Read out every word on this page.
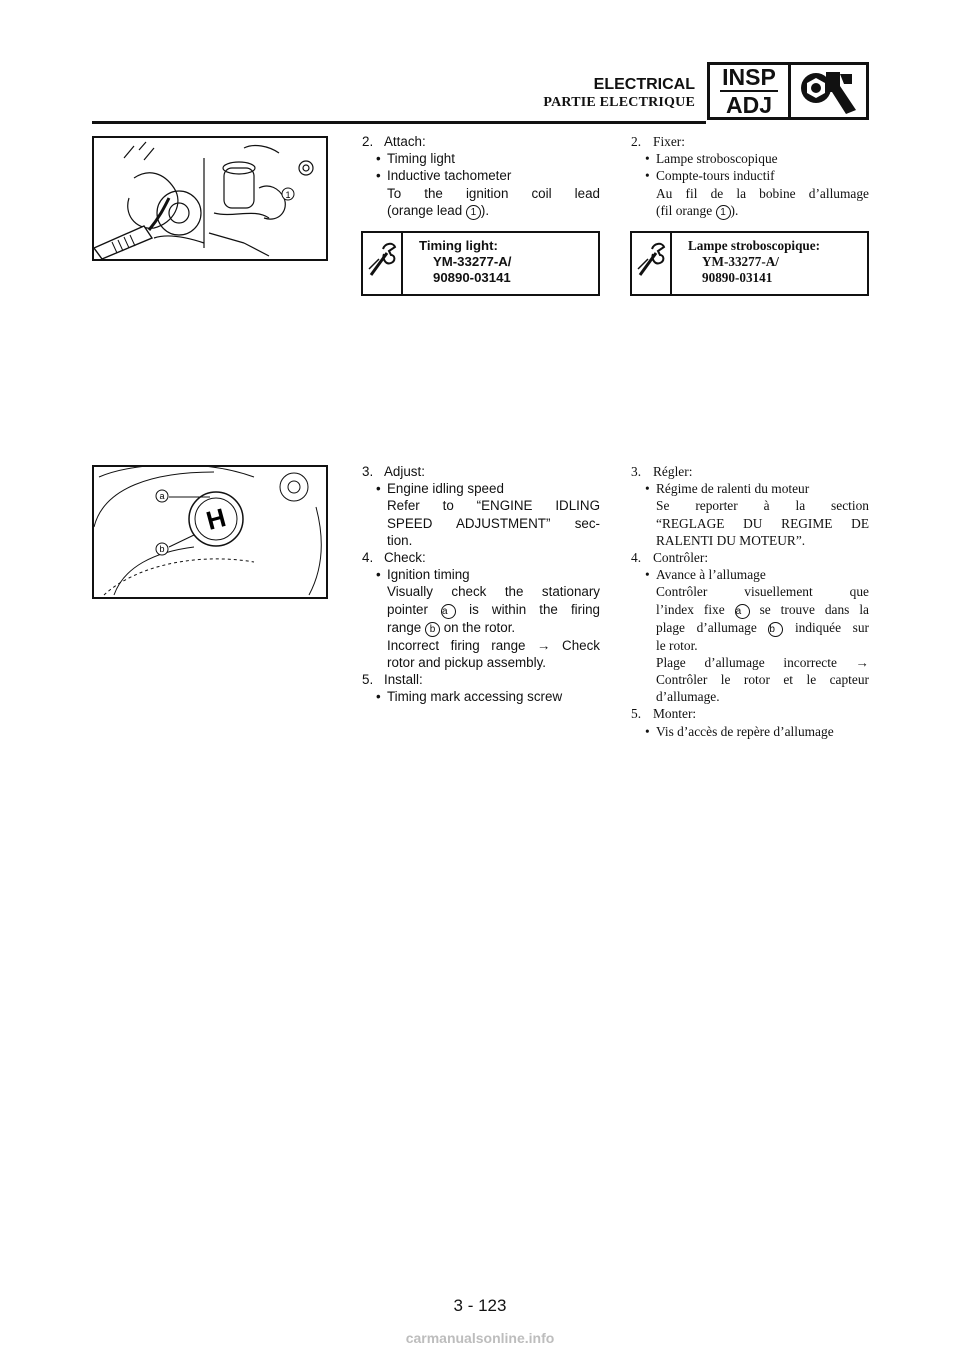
ELECTRICAL
PARTIE ELECTRIQUE
INSP
ADJ
1
H
a
b
2. Attach:
• Timing light
• Inductive tachometer
To the ignition coil lead
(orange lead 1 ).
Timing light:
YM-33277-A/
90890-03141
2. Fixer:
• Lampe stroboscopique
• Compte-tours inductif
Au fil de la bobine d’allumage
(fil orange 1 ).
Lampe stroboscopique:
YM-33277-A/
90890-03141
3. Adjust:
• Engine idling speed
Refer to “ENGINE IDLING
SPEED ADJUSTMENT” sec-
tion.
4. Check:
• Ignition timing
Visually check the stationary
pointer a is within the firing
range b on the rotor.
Incorrect firing range → Check
rotor and pickup assembly.
5. Install:
• Timing mark accessing screw
3. Régler:
• Régime de ralenti du moteur
Se reporter à la section
“REGLAGE DU REGIME DE
RALENTI DU MOTEUR”.
4. Contrôler:
• Avance à l’allumage
Contrôler visuellement que
l’index fixe a se trouve dans la
plage d’allumage b indiquée sur
le rotor.
Plage d’allumage incorrecte →
Contrôler le rotor et le capteur
d’allumage.
5. Monter:
• Vis d’accès de repère d’allumage
3 - 123
carmanualsonline.info
